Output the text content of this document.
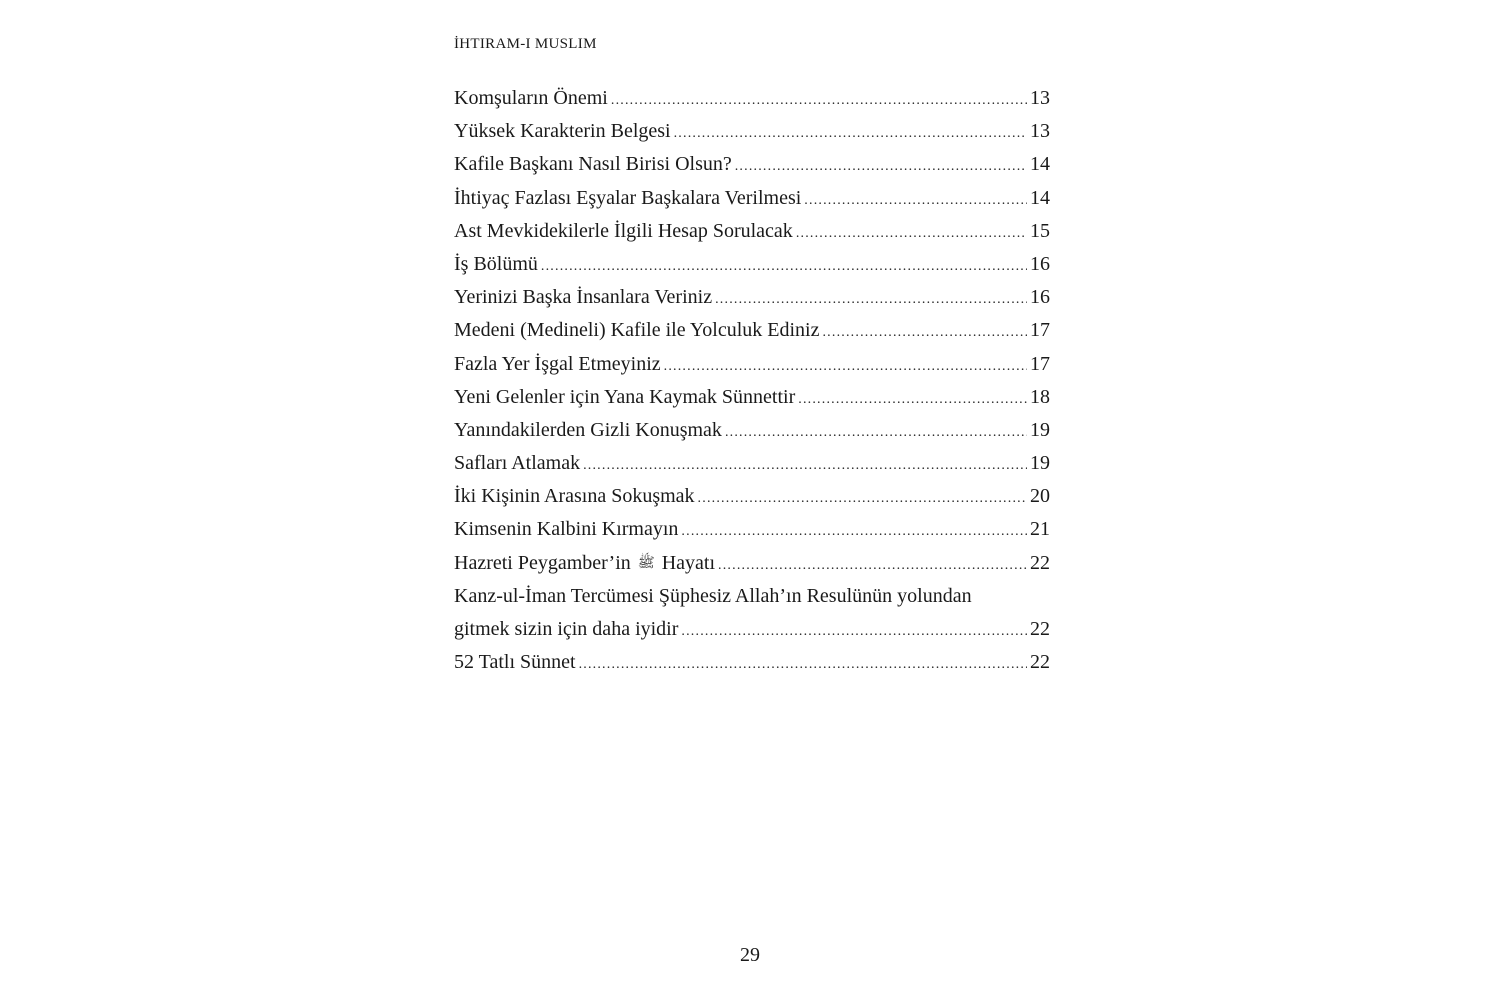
İHTIRAM-I MUSLIM
Komşuların Önemi .....	13
Yüksek Karakterin Belgesi .....	13
Kafile Başkanı Nasıl Birisi Olsun? .....	14
İhtiyaç Fazlası Eşyalar Başkalara Verilmesi .....	14
Ast Mevkidekilerle İlgili Hesap Sorulacak .....	15
İş Bölümü .....	16
Yerinizi Başka İnsanlara Veriniz .....	16
Medeni (Medineli) Kafile ile Yolculuk Ediniz .....	17
Fazla Yer İşgal Etmeyiniz .....	17
Yeni Gelenler için Yana Kaymak Sünnettir .....	18
Yanındakilerden Gizli Konuşmak .....	19
Safları Atlamak .....	19
İki Kişinin Arasına Sokuşmak .....	20
Kimsenin Kalbini Kırmayın .....	21
Hazreti Peygamber’in ﷺ Hayatı .....	22
Kanz-ul-İman Tercümesi Şüphesiz Allah’ın Resulünün yolundan
gitmek sizin için daha iyidir .....	22
52 Tatlı Sünnet .....	22
29
